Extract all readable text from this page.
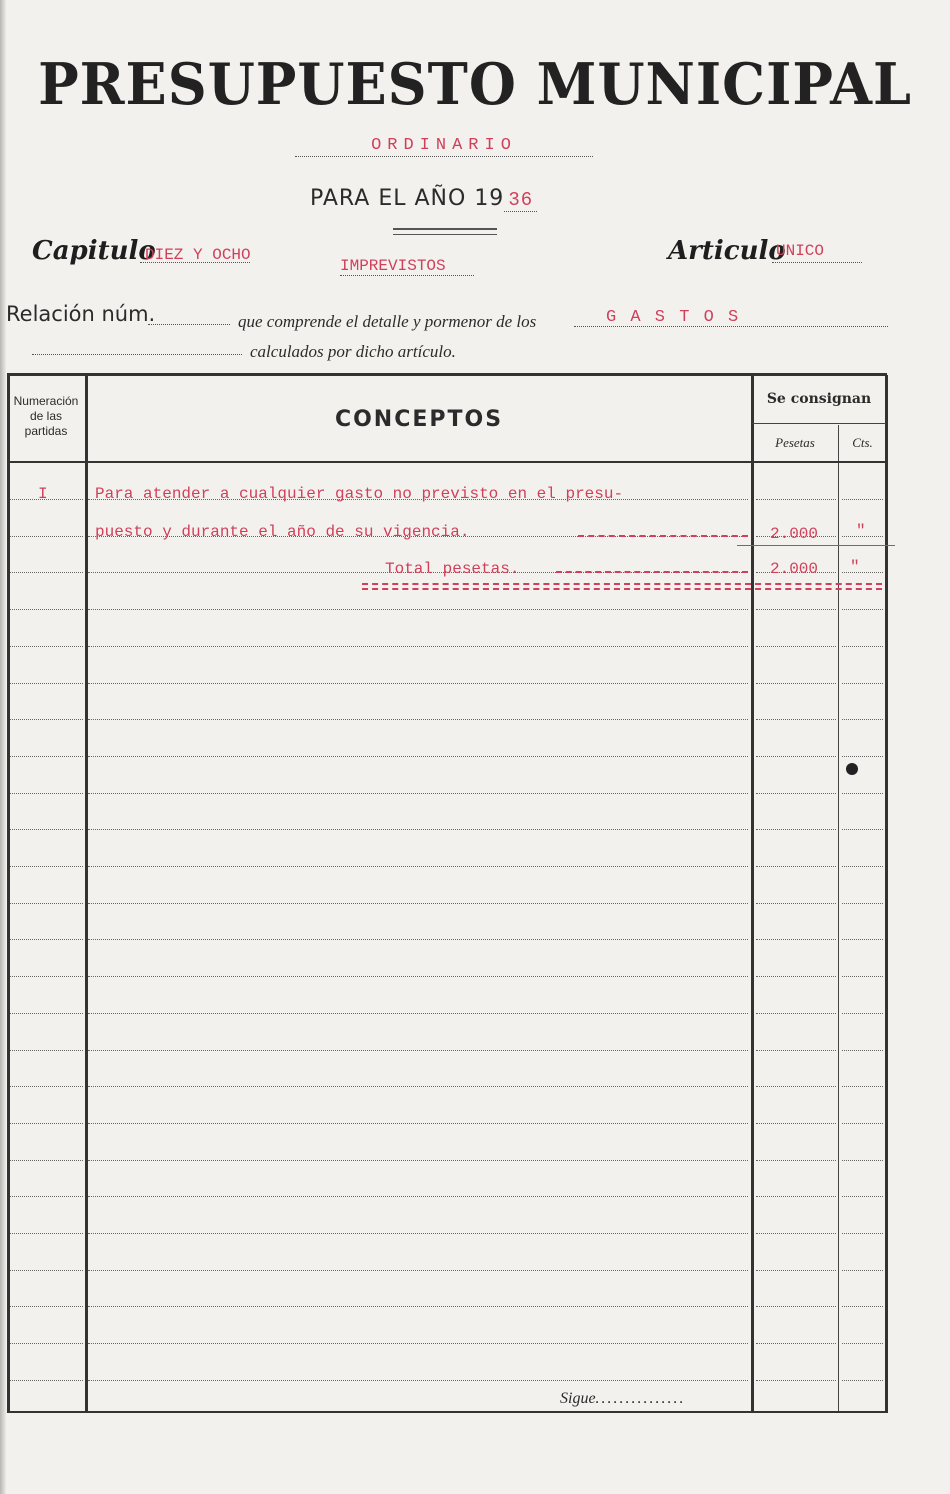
PRESUPUESTO MUNICIPAL
ORDINARIO
PARA EL AÑO 19 36
Capitulo
DIEZ Y OCHO
IMPREVISTOS	Articulo
UNICO
Relación núm.	que comprende el detalle y pormenor de los	G A S T O S
calculados por dicho artículo.
Numeración de las partidas	CONCEPTOS
Se consignan
Pesetas	Cts.
I	Para atender a cualquier gasto no previsto en el presu-
puesto y durante el año de su vigencia.	2.000 "
Total pesetas.	2.000 "
Sigue...............
